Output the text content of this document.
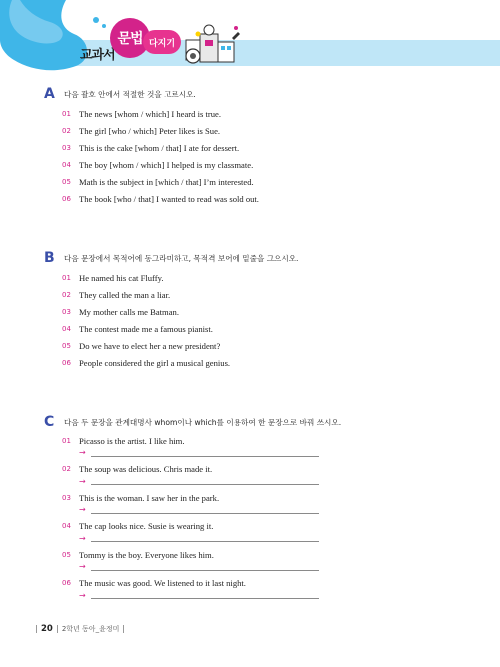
교과서
문법 다지기
A	다음 괄호 안에서 적절한 것을 고르시오.
01 The news [whom / which] I heard is true.
02 The girl [who / which] Peter likes is Sue.
03 This is the cake [whom / that] I ate for dessert.
04 The boy [whom / which] I helped is my classmate.
05 Math is the subject in [which / that] I’m interested.
06 The book [who / that] I wanted to read was sold out.
B	다음 문장에서 목적어에 동그라미하고, 목적격 보어에 밑줄을 그으시오.
01 He named his cat Fluffy.
02 They called the man a liar.
03 My mother calls me Batman.
04 The contest made me a famous pianist.
05 Do we have to elect her a new president?
06 People considered the girl a musical genius.
C	다음 두 문장을 관계대명사 whom이나 which를 이용하여 한 문장으로 바꿔 쓰시오.
01 Picasso is the artist. I like him.
→
02 The soup was delicious. Chris made it.
→
03 This is the woman. I saw her in the park.
→
04 The cap looks nice. Susie is wearing it.
→
05 Tommy is the boy. Everyone likes him.
→
06 The music was good. We listened to it last night.
→
20 2학년 동아_윤정미
